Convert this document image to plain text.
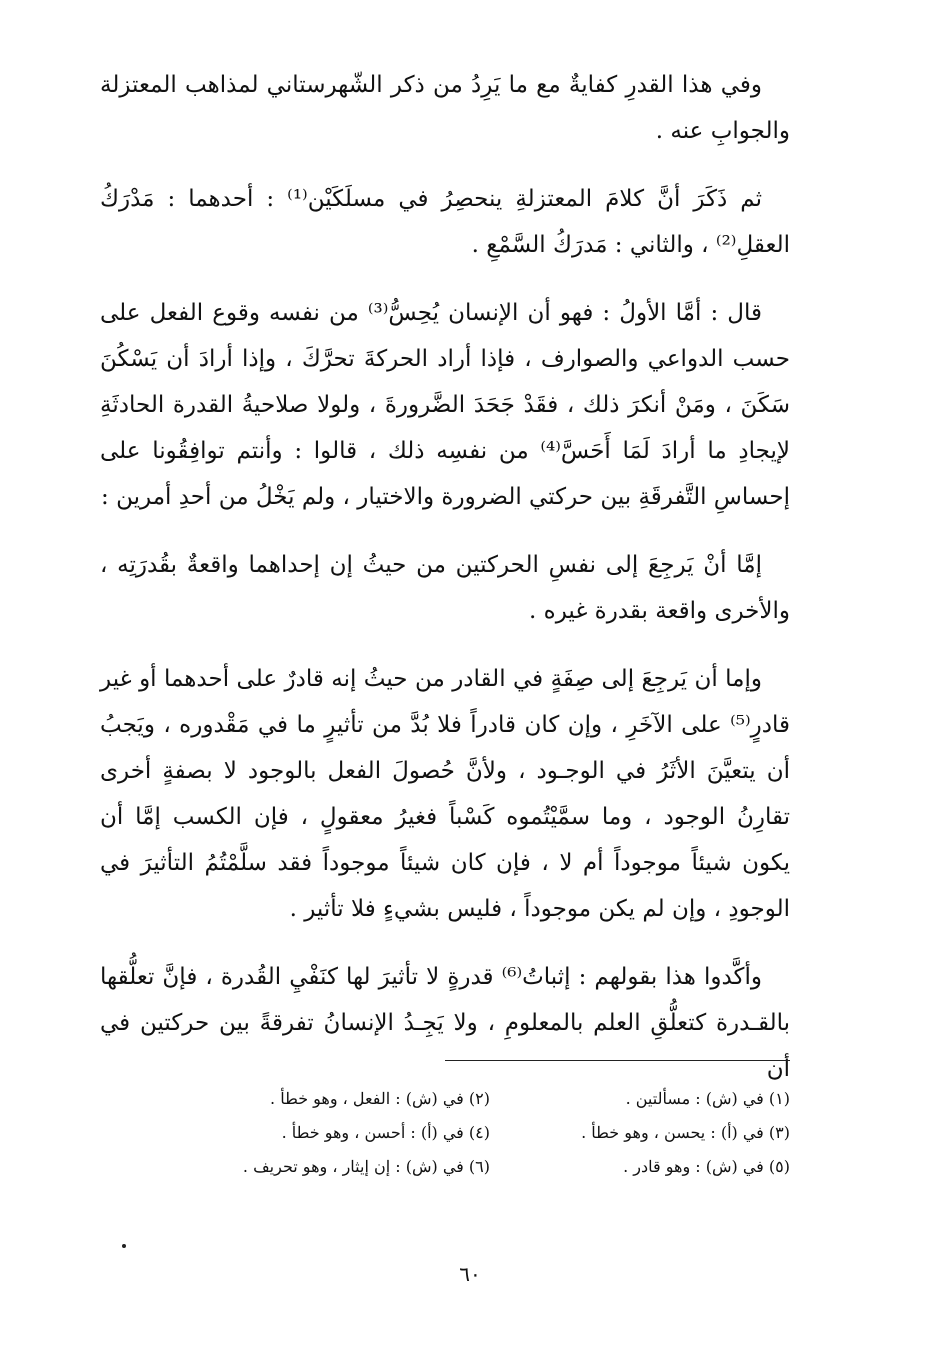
وفي هذا القدرِ كفايةٌ مع ما يَرِدُ من ذكر الشّهرستاني لمذاهب المعتزلة والجوابِ عنه .

ثم ذَكَرَ أنَّ كلامَ المعتزلةِ ينحصِرُ في مسلَكَيْن⁽¹⁾ : أحدهما : مَدْرَكُ العقلِ⁽²⁾ ، والثاني : مَدرَكُ السَّمْعِ .

قال : أمَّا الأولُ : فهو أن الإنسان يُحِسُّ⁽³⁾ من نفسه وقوع الفعل على حسب الدواعي والصوارف ، فإذا أراد الحركةَ تحرَّكَ ، وإذا أرادَ أن يَسْكُنَ سَكَنَ ، ومَنْ أنكرَ ذلك ، فقَدْ جَحَدَ الضَّرورةَ ، ولولا صلاحيةُ القدرة الحادثَةِ لإيجادِ ما أرادَ لَمَا أَحَسَّ⁽⁴⁾ من نفسِه ذلك ، قالوا : وأنتم توافِقُونا على إحساسِ التَّفرقَةِ بين حركتي الضرورة والاختيار ، ولم يَخْلُ من أحدِ أمرين :

إمَّا أنْ يَرجِعَ إلى نفسِ الحركتين من حيثُ إن إحداهما واقعةٌ بقُدرَتِه ، والأخرى واقعة بقدرة غيره .

وإما أن يَرجِعَ إلى صِفَةٍ في القادر من حيثُ إنه قادرٌ على أحدهما أو غير قادرٍ⁽⁵⁾ على الآخَرِ ، وإن كان قادراً فلا بُدَّ من تأثيرٍ ما في مَقْدوره ، ويَجبُ أن يتعيَّنَ الأثَرُ في الوجـود ، ولأنَّ حُصولَ الفعل بالوجود لا بصفةٍ أخرى تقارِنُ الوجود ، وما سمَّيْتُموه كَسْباً فغيرُ معقولٍ ، فإن الكسب إمَّا أن يكون شيئاً موجوداً أم لا ، فإن كان شيئاً موجوداً فقد سلَّمْتُمُ التأثيرَ في الوجودِ ، وإن لم يكن موجوداً ، فليس بشيءٍ فلا تأثير .

وأكَّدوا هذا بقولهم : إثباتُ⁽⁶⁾ قدرةٍ لا تأثيرَ لها كنَفْيِ القُدرة ، فإنَّ تعلُّقها بالقـدرة كتعلُّقِ العلم بالمعلومِ ، ولا يَجِـدُ الإنسانُ تفرقةً بين حركتين في أن

(١) في (ش) : مسألتين .
(٢) في (ش) : الفعل ، وهو خطأ .
(٣) في (أ) : يحسن ، وهو خطأ .
(٤) في (أ) : أحسن ، وهو خطأ .
(٥) في (ش) : وهو قادر .
(٦) في (ش) : إن إيثار ، وهو تحريف .
٦٠
